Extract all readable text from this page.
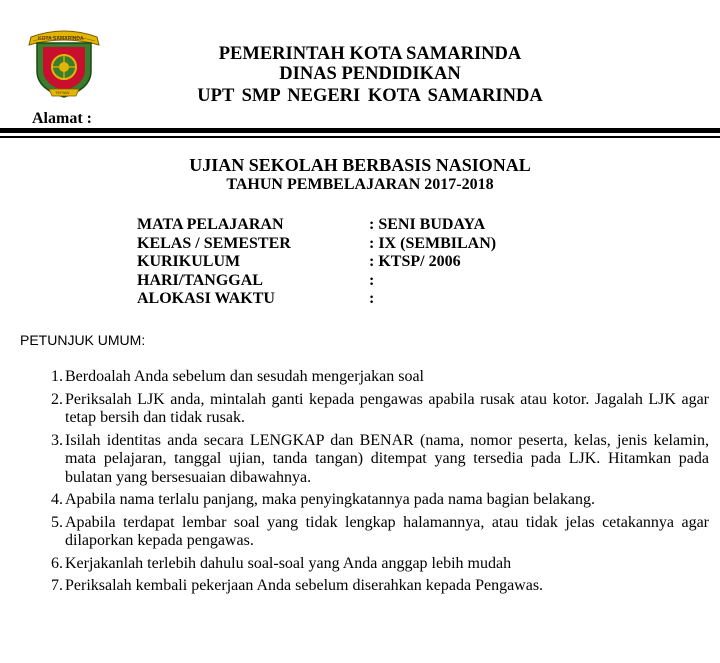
KOTA SAMARINDA
TEPIAN
PEMERINTAH KOTA SAMARINDA
DINAS PENDIDIKAN
UPT SMP NEGERI KOTA SAMARINDA
Alamat :
UJIAN SEKOLAH BERBASIS NASIONAL
TAHUN PEMBELAJARAN 2017-2018
MATA PELAJARAN	: SENI BUDAYA
KELAS / SEMESTER	: IX (SEMBILAN)
KURIKULUM	: KTSP/ 2006
HARI/TANGGAL	:
ALOKASI WAKTU	:
PETUNJUK UMUM:
1. Berdoalah Anda sebelum dan sesudah mengerjakan soal
2. Periksalah LJK anda, mintalah ganti kepada pengawas apabila rusak atau kotor. Jagalah LJK agar tetap bersih dan tidak rusak.
3. Isilah identitas anda secara LENGKAP dan BENAR (nama, nomor peserta, kelas, jenis kelamin, mata pelajaran, tanggal ujian, tanda tangan) ditempat yang tersedia pada LJK. Hitamkan pada bulatan yang bersesuaian dibawahnya.
4. Apabila nama terlalu panjang, maka penyingkatannya pada nama bagian belakang.
5. Apabila terdapat lembar soal yang tidak lengkap halamannya, atau tidak jelas cetakannya agar dilaporkan kepada pengawas.
6. Kerjakanlah terlebih dahulu soal-soal yang Anda anggap lebih mudah
7. Periksalah kembali pekerjaan Anda sebelum diserahkan kepada Pengawas.
